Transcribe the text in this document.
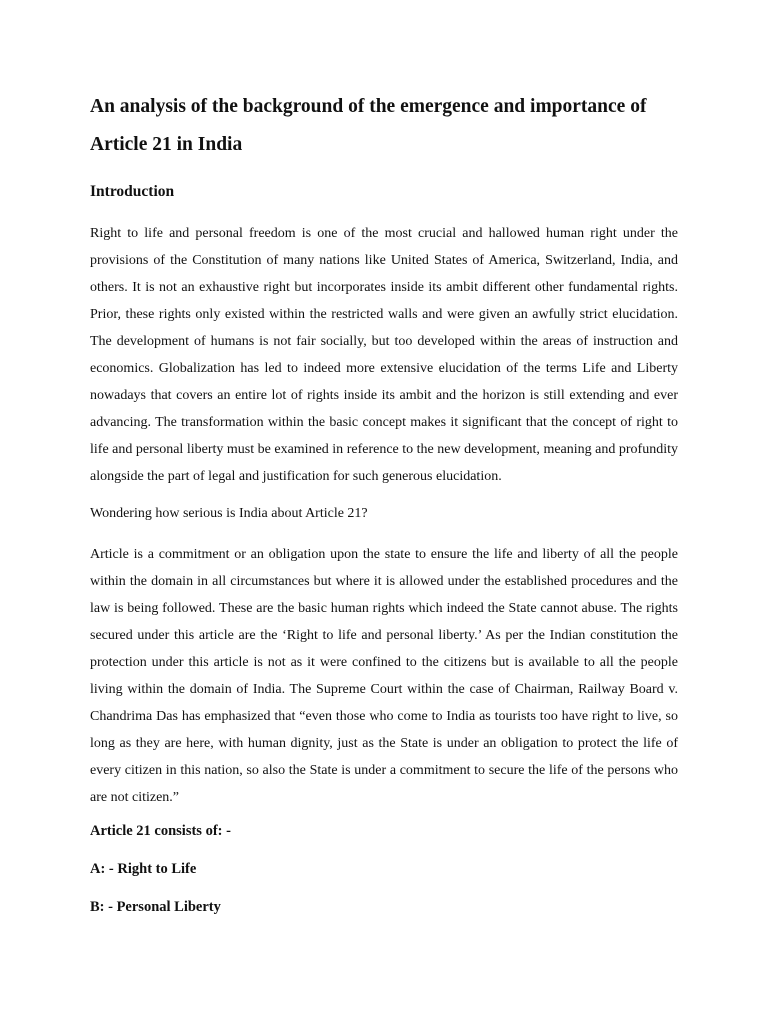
An analysis of the background of the emergence and importance of Article 21 in India
Introduction

Right to life and personal freedom is one of the most crucial and hallowed human right under the provisions of the Constitution of many nations like United States of America, Switzerland, India, and others. It is not an exhaustive right but incorporates inside its ambit different other fundamental rights. Prior, these rights only existed within the restricted walls and were given an awfully strict elucidation. The development of humans is not fair socially, but too developed within the areas of instruction and economics. Globalization has led to indeed more extensive elucidation of the terms Life and Liberty nowadays that covers an entire lot of rights inside its ambit and the horizon is still extending and ever advancing. The transformation within the basic concept makes it significant that the concept of right to life and personal liberty must be examined in reference to the new development, meaning and profundity alongside the part of legal and justification for such generous elucidation.

Wondering how serious is India about Article 21?

Article is a commitment or an obligation upon the state to ensure the life and liberty of all the people within the domain in all circumstances but where it is allowed under the established procedures and the law is being followed. These are the basic human rights which indeed the State cannot abuse. The rights secured under this article are the ‘Right to life and personal liberty.’ As per the Indian constitution the protection under this article is not as it were confined to the citizens but is available to all the people living within the domain of India. The Supreme Court within the case of Chairman, Railway Board v. Chandrima Das has emphasized that “even those who come to India as tourists too have right to live, so long as they are here, with human dignity, just as the State is under an obligation to protect the life of every citizen in this nation, so also the State is under a commitment to secure the life of the persons who are not citizen.”

Article 21 consists of: -

A: - Right to Life

B: - Personal Liberty
